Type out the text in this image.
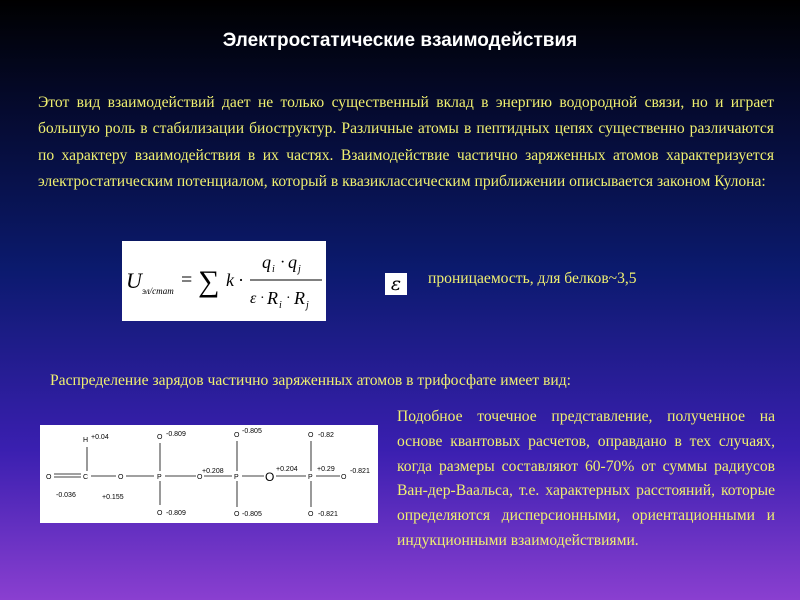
Электростатические взаимодействия
Этот вид взаимодействий дает не только существенный вклад в энергию водородной связи, но и играет большую роль в стабилизации биоструктур. Различные атомы в пептидных цепях существенно различаются по характеру взаимодействия в их частях. Взаимодействие частично заряженных атомов характеризуется электростатическим потенциалом, который в квазиклассическим приближении описывается законом Кулона:
U эл/стат = ∑ k ·
q i · q j
ε · R i · R j
ε проницаемость, для белков~3,5
Распределение зарядов частично заряженных атомов в трифосфате имеет вид:
O
H
C	O	P
O
O
O	P
O
O
O	P
O
O
O
+0.04
-0.036	+0.155
-0.809
-0.809
+0.208
-0.805
-0.805
+0.204	+0.29
-0.82
-0.821
-0.821
Подобное точечное представление, полученное на основе квантовых расчетов, оправдано в тех случаях, когда размеры составляют 60-70% от суммы радиусов Ван-дер-Ваальса, т.е. характерных расстояний, которые определяются дисперсионными, ориентационными и индукционными взаимодействиями.
